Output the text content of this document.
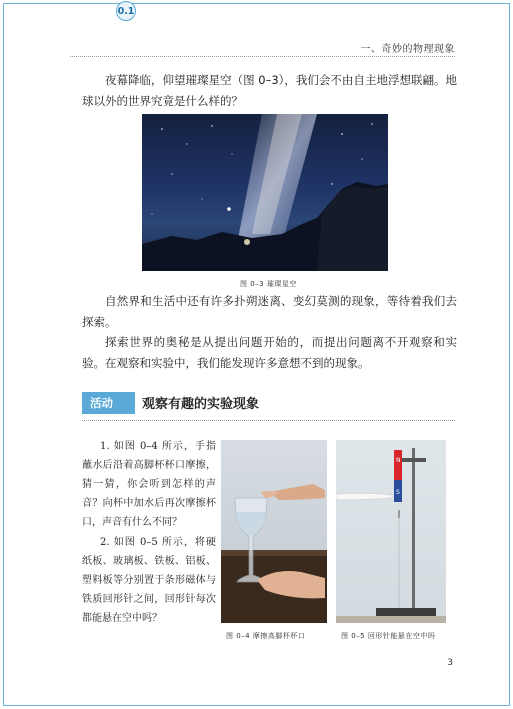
一、奇妙的物理现象

夜幕降临，仰望璀璨星空（图 0–3），我们会不由自主地浮想联翩。地球以外的世界究竟是什么样的？

图 0–3 璀璨星空

自然界和生活中还有许多扑朔迷离、变幻莫测的现象，等待着我们去探索。

探索世界的奥秘是从提出问题开始的，而提出问题离不开观察和实验。在观察和实验中，我们能发现许多意想不到的现象。

活动
0.1
观察有趣的实验现象

1. 如图 0–4 所示，手指蘸水后沿着高脚杯杯口摩擦，猜一猜，你会听到怎样的声音？向杯中加水后再次摩擦杯口，声音有什么不同？

2. 如图 0–5 所示，将硬纸板、玻璃板、铁板、铝板、塑料板等分别置于条形磁体与铁质回形针之间，回形针每次都能悬在空中吗？

N
S
图 0–4 摩擦高脚杯杯口	图 0–5 回形针能悬在空中吗
3
